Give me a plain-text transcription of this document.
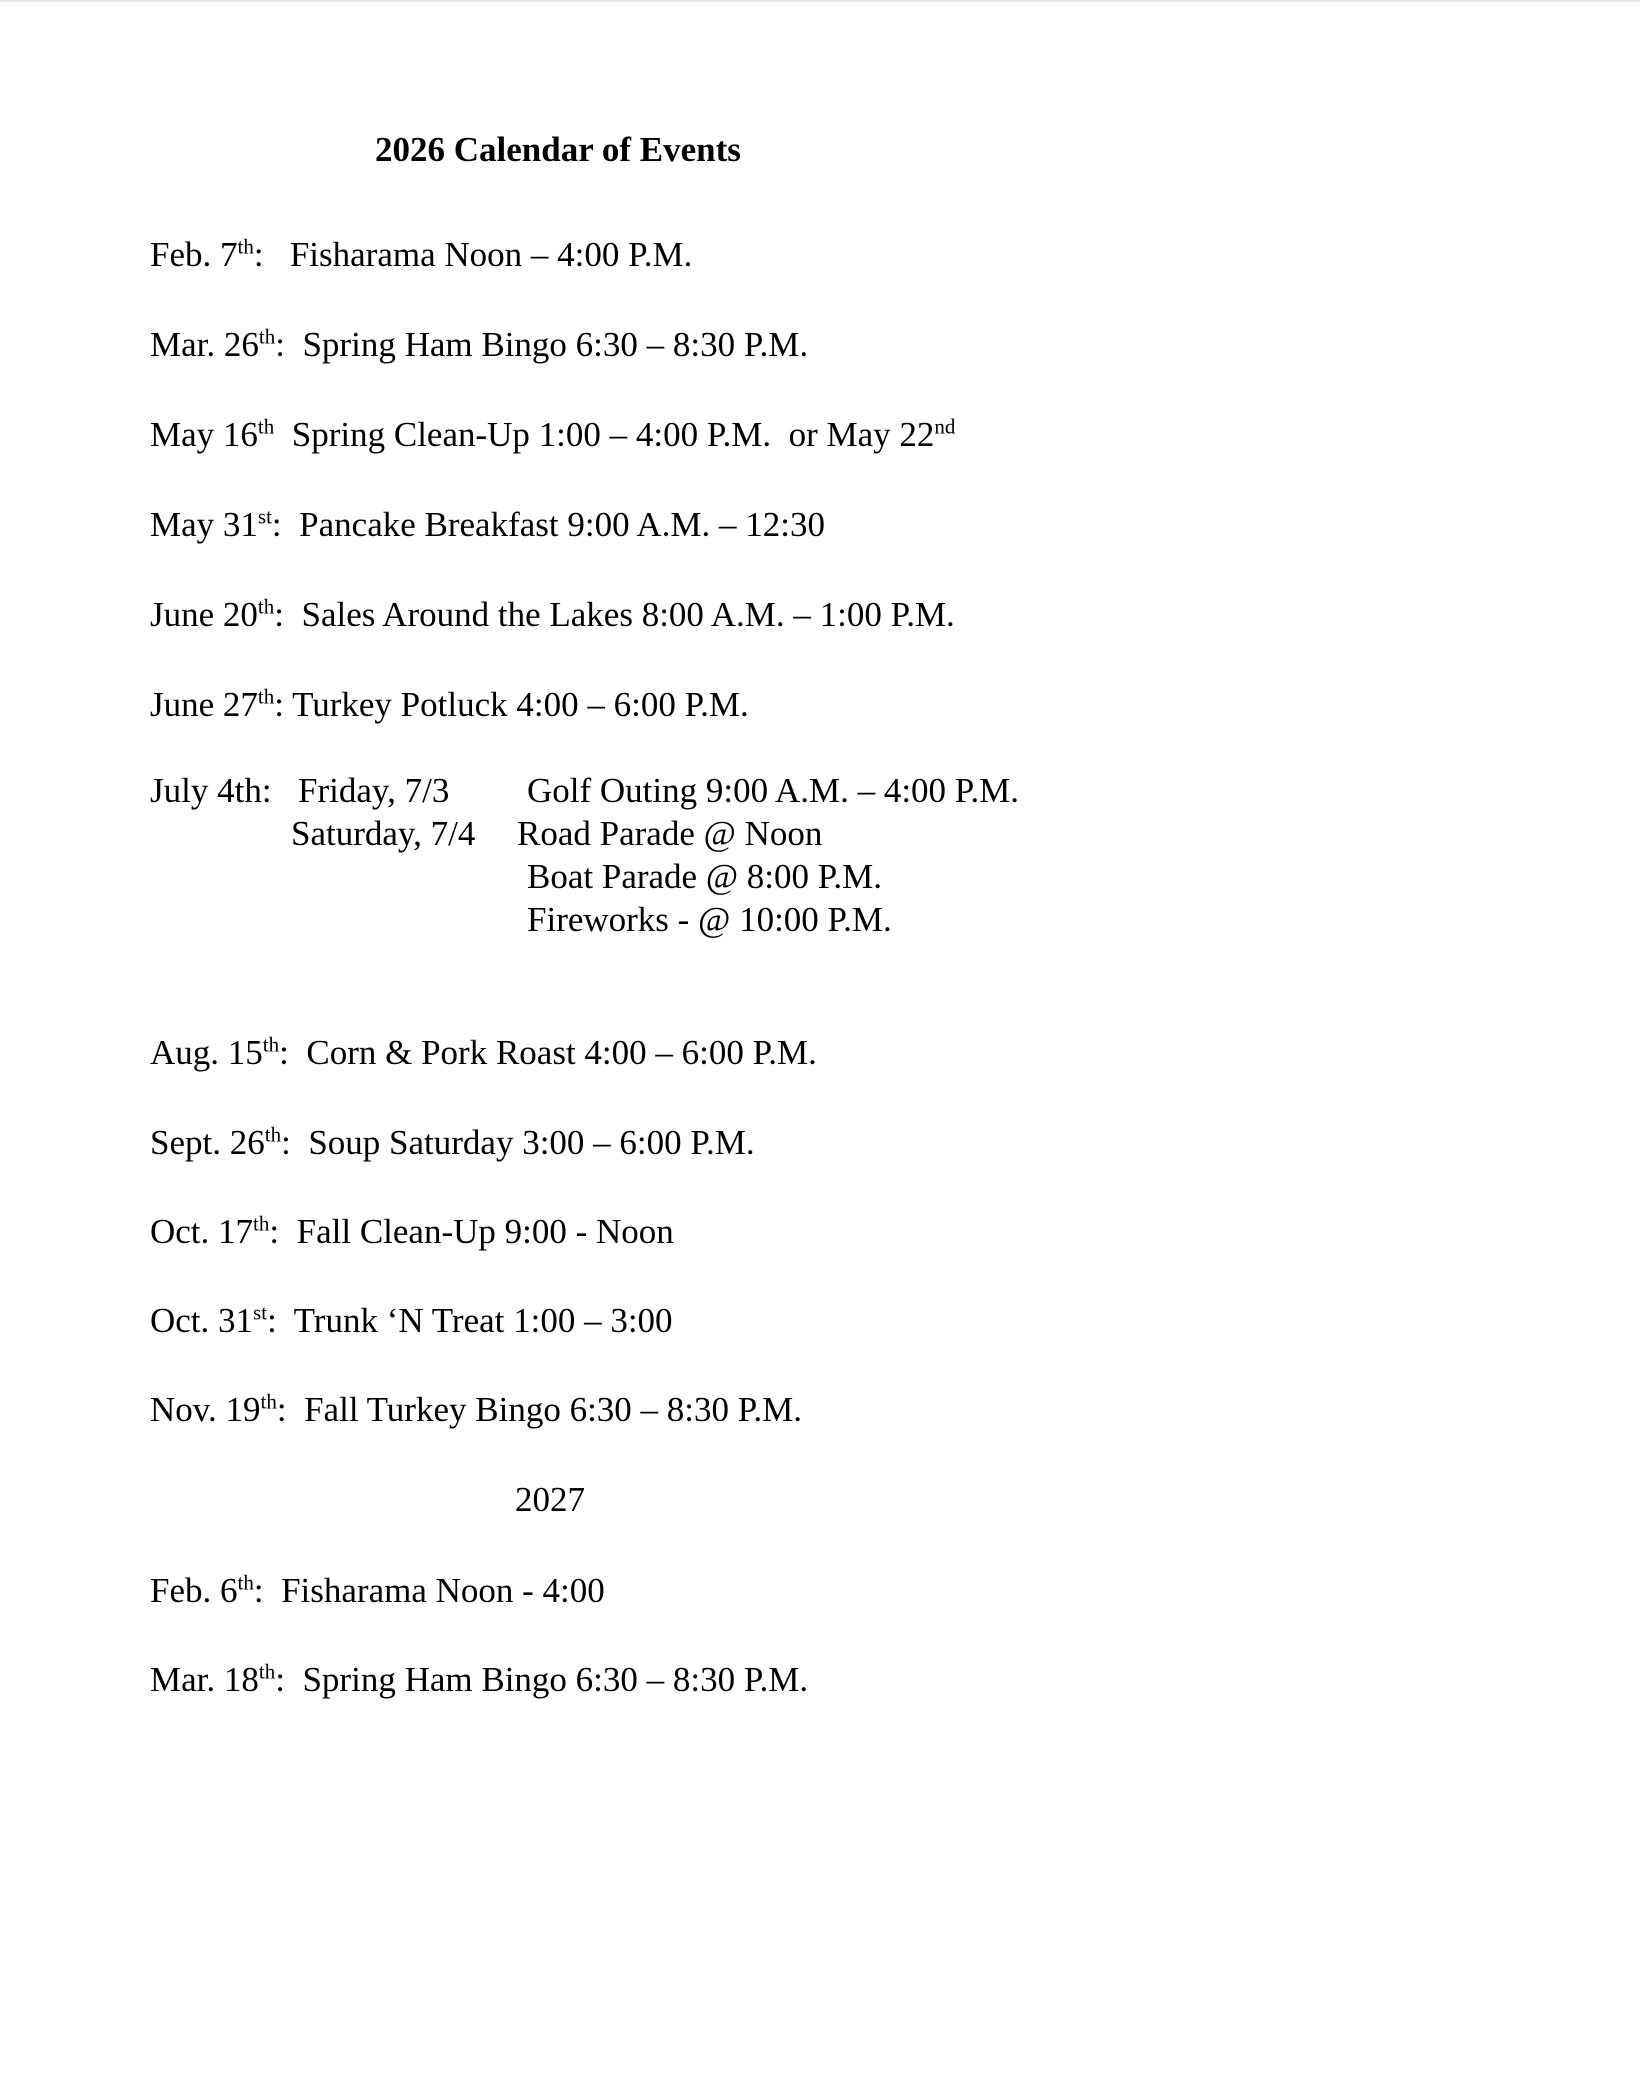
2026 Calendar of Events
Feb. 7th:   Fisharama Noon – 4:00 P.M.
Mar. 26th:  Spring Ham Bingo 6:30 – 8:30 P.M.
May 16th Spring Clean-Up 1:00 – 4:00 P.M.  or May 22nd
May 31st:  Pancake Breakfast 9:00 A.M. – 12:30
June 20th:  Sales Around the Lakes 8:00 A.M. – 1:00 P.M.
June 27th: Turkey Potluck 4:00 – 6:00 P.M.
July 4th: Friday, 7/3 Golf Outing 9:00 A.M. – 4:00 P.M.
Saturday, 7/4 Road Parade @ Noon
Boat Parade @ 8:00 P.M.
Fireworks - @ 10:00 P.M.
Aug. 15th:  Corn & Pork Roast 4:00 – 6:00 P.M.
Sept. 26th:  Soup Saturday 3:00 – 6:00 P.M.
Oct. 17th:  Fall Clean-Up 9:00 - Noon
Oct. 31st:  Trunk ‘N Treat 1:00 – 3:00
Nov. 19th:  Fall Turkey Bingo 6:30 – 8:30 P.M.
2027
Feb. 6th:  Fisharama Noon - 4:00
Mar. 18th:  Spring Ham Bingo 6:30 – 8:30 P.M.
